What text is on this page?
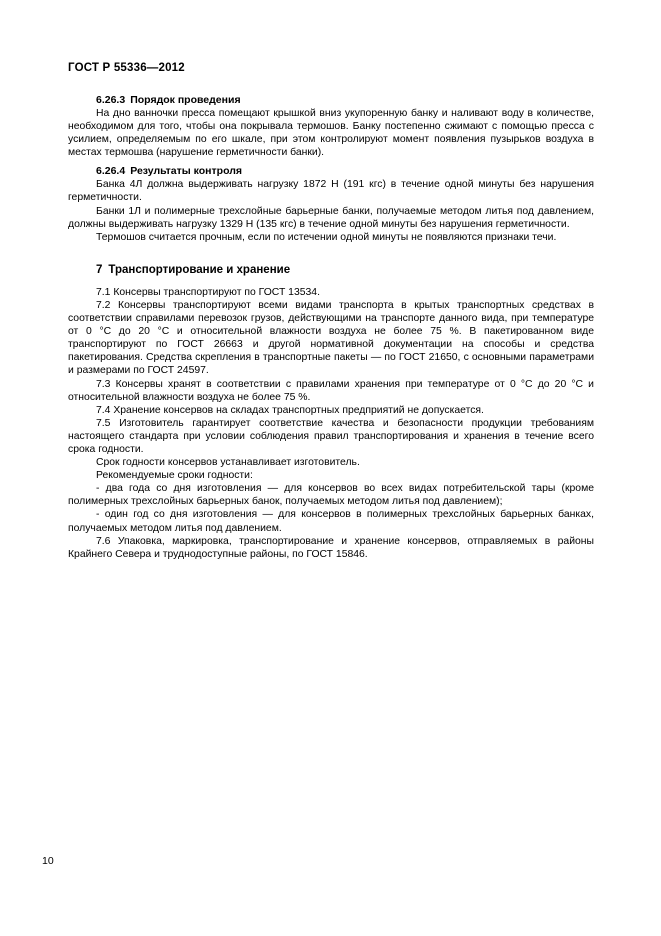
ГОСТ Р 55336—2012
6.26.3 Порядок проведения

На дно ванночки пресса помещают крышкой вниз укупоренную банку и наливают воду в количестве, необходимом для того, чтобы она покрывала термошов. Банку постепенно сжимают с помощью пресса с усилием, определяемым по его шкале, при этом контролируют момент появления пузырьков воздуха в местах термошва (нарушение герметичности банки).

6.26.4 Результаты контроля

Банка 4Л должна выдерживать нагрузку 1872 Н (191 кгс) в течение одной минуты без нарушения герметичности.

Банки 1Л и полимерные трехслойные барьерные банки, получаемые методом литья под давлением, должны выдерживать нагрузку 1329 Н (135 кгс) в течение одной минуты без нарушения герметичности.

Термошов считается прочным, если по истечении одной минуты не появляются признаки течи.

7 Транспортирование и хранение

7.1 Консервы транспортируют по ГОСТ 13534.

7.2 Консервы транспортируют всеми видами транспорта в крытых транспортных средствах в соответствии справилами перевозок грузов, действующими на транспорте данного вида, при температуре от 0 °С до 20 °С и относительной влажности воздуха не более 75 %. В пакетированном виде транспортируют по ГОСТ 26663 и другой нормативной документации на способы и средства пакетирования. Средства скрепления в транспортные пакеты — по ГОСТ 21650, с основными параметрами и размерами по ГОСТ 24597.

7.3 Консервы хранят в соответствии с правилами хранения при температуре от 0 °С до 20 °С и относительной влажности воздуха не более 75 %.

7.4 Хранение консервов на складах транспортных предприятий не допускается.

7.5 Изготовитель гарантирует соответствие качества и безопасности продукции требованиям настоящего стандарта при условии соблюдения правил транспортирования и хранения в течение всего срока годности.

Срок годности консервов устанавливает изготовитель.

Рекомендуемые сроки годности:

- два года со дня изготовления — для консервов во всех видах потребительской тары (кроме полимерных трехслойных барьерных банок, получаемых методом литья под давлением);

- один год со дня изготовления — для консервов в полимерных трехслойных барьерных банках, получаемых методом литья под давлением.

7.6 Упаковка, маркировка, транспортирование и хранение консервов, отправляемых в районы Крайнего Севера и труднодоступные районы, по ГОСТ 15846.

10
